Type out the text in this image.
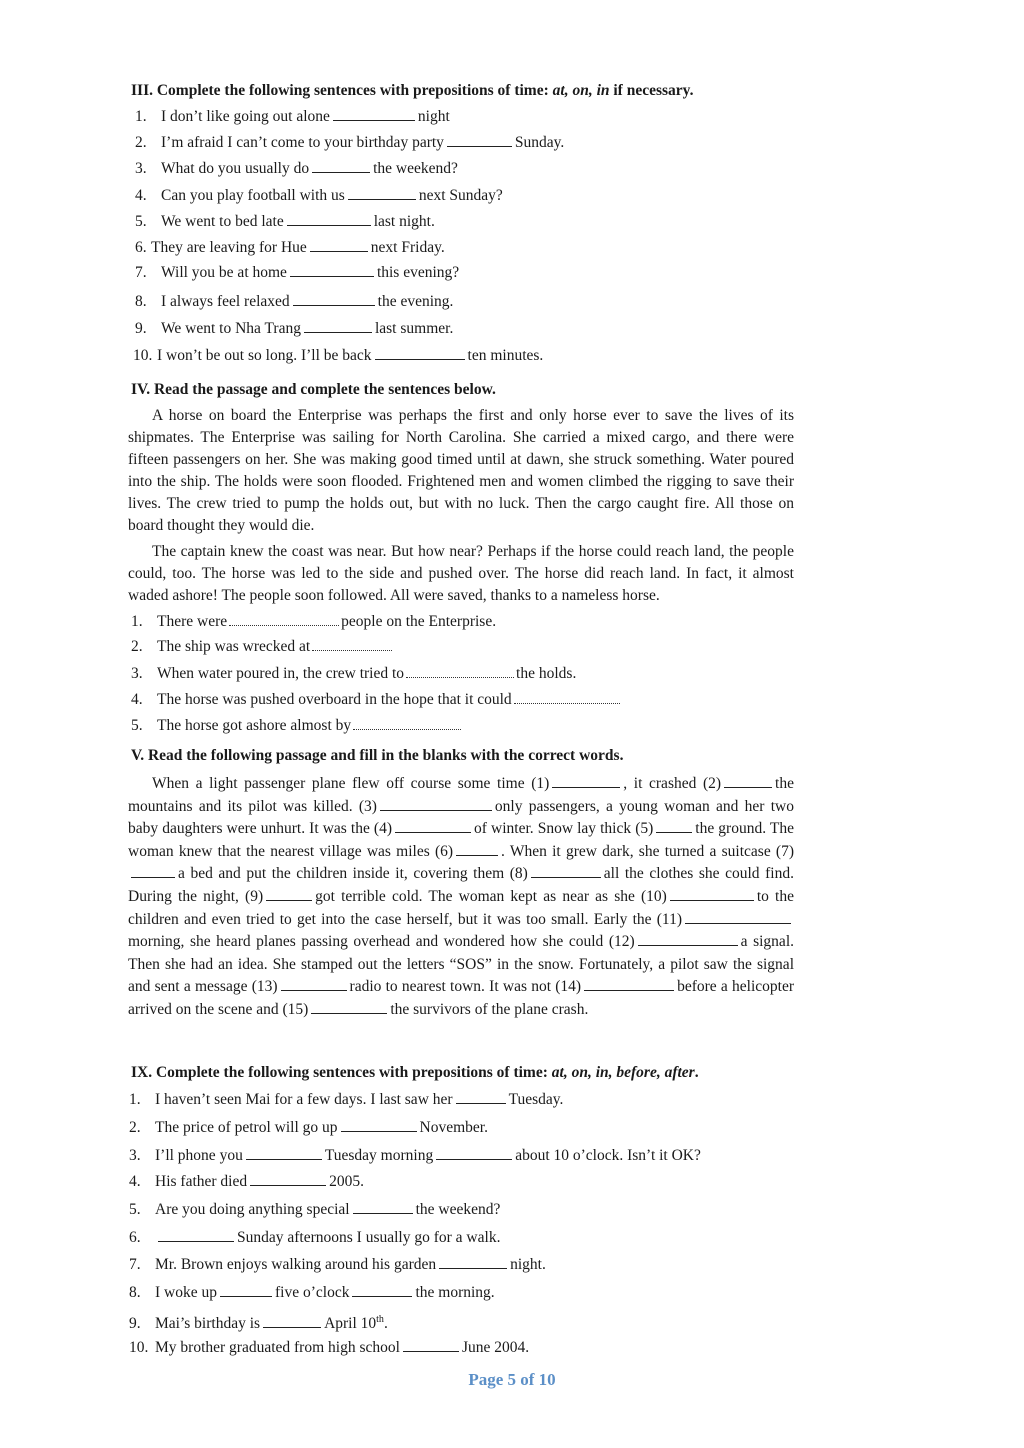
III. Complete the following sentences with prepositions of time: at, on, in if necessary.
1. I don’t like going out alone	night
2. I’m afraid I can’t come to your birthday party	Sunday.
3. What do you usually do	the weekend?
4. Can you play football with us	next Sunday?
5. We went to bed late	last night.
6. They are leaving for Hue	next Friday.
7. Will you be at home	this evening?
8. I always feel relaxed	the evening.
9. We went to Nha Trang	last summer.
10. I won’t be out so long. I’ll be back	ten minutes.
IV. Read the passage and complete the sentences below.

A horse on board the Enterprise was perhaps the first and only horse ever to save the lives of its shipmates. The Enterprise was sailing for North Carolina. She carried a mixed cargo, and there were fifteen passengers on her. She was making good timed until at dawn, she struck something. Water poured into the ship. The holds were soon flooded. Frightened men and women climbed the rigging to save their lives. The crew tried to pump the holds out, but with no luck. Then the cargo caught fire. All those on board thought they would die.

The captain knew the coast was near. But how near? Perhaps if the horse could reach land, the people could, too. The horse was led to the side and pushed over. The horse did reach land. In fact, it almost waded ashore! The people soon followed. All were saved, thanks to a nameless horse.

1. There were	people on the Enterprise.
2. The ship was wrecked at
3. When water poured in, the crew tried to	the holds.
4. The horse was pushed overboard in the hope that it could
5. The horse got ashore almost by
V. Read the following passage and fill in the blanks with the correct words.
When a light passenger plane flew off course some time (1)	, it crashed (2)	the mountains and its pilot was killed. (3)	only passengers, a young woman and her two baby daughters were unhurt. It was the (4)	of winter. Snow lay thick (5)	the ground. The woman knew that the nearest village was miles (6)	. When it grew dark, she turned a suitcase (7)a bed and put the children inside it, covering them (8)	all the clothes she could find. During the night, (9)	got terrible cold. The woman kept as near as she (10)	to the children and even tried to get into the case herself, but it was too small. Early the (11)morning, she heard planes passing overhead and wondered how she could (12)	a signal. Then she had an idea. She stamped out the letters “SOS” in the snow. Fortunately, a pilot saw the signal and sent a message (13)	radio to nearest town. It was not (14)	before a helicopter arrived on the scene and (15)	the survivors of the plane crash.
IX. Complete the following sentences with prepositions of time: at, on, in, before, after.
1. I haven’t seen Mai for a few days. I last saw her	Tuesday.
2. The price of petrol will go up	November.
3. I’ll phone you	Tuesday morning	about 10 o’clock. Isn’t it OK?
4. His father died	2005.
5. Are you doing anything special	the weekend?
6.	Sunday afternoons I usually go for a walk.
7. Mr. Brown enjoys walking around his garden	night.
8. I woke up	five o’clock	the morning.
9. Mai’s birthday is	April 10th.
10. My brother graduated from high school	June 2004.
Page 5 of 10
